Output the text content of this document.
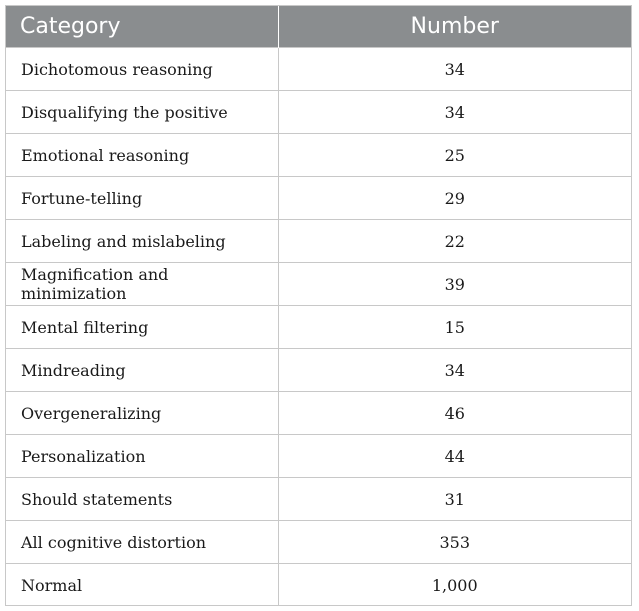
Category	Number
Dichotomous reasoning	34
Disqualifying the positive	34
Emotional reasoning	25
Fortune-telling	29
Labeling and mislabeling	22
Magnification and minimization	39
Mental filtering	15
Mindreading	34
Overgeneralizing	46
Personalization	44
Should statements	31
All cognitive distortion	353
Normal	1,000
